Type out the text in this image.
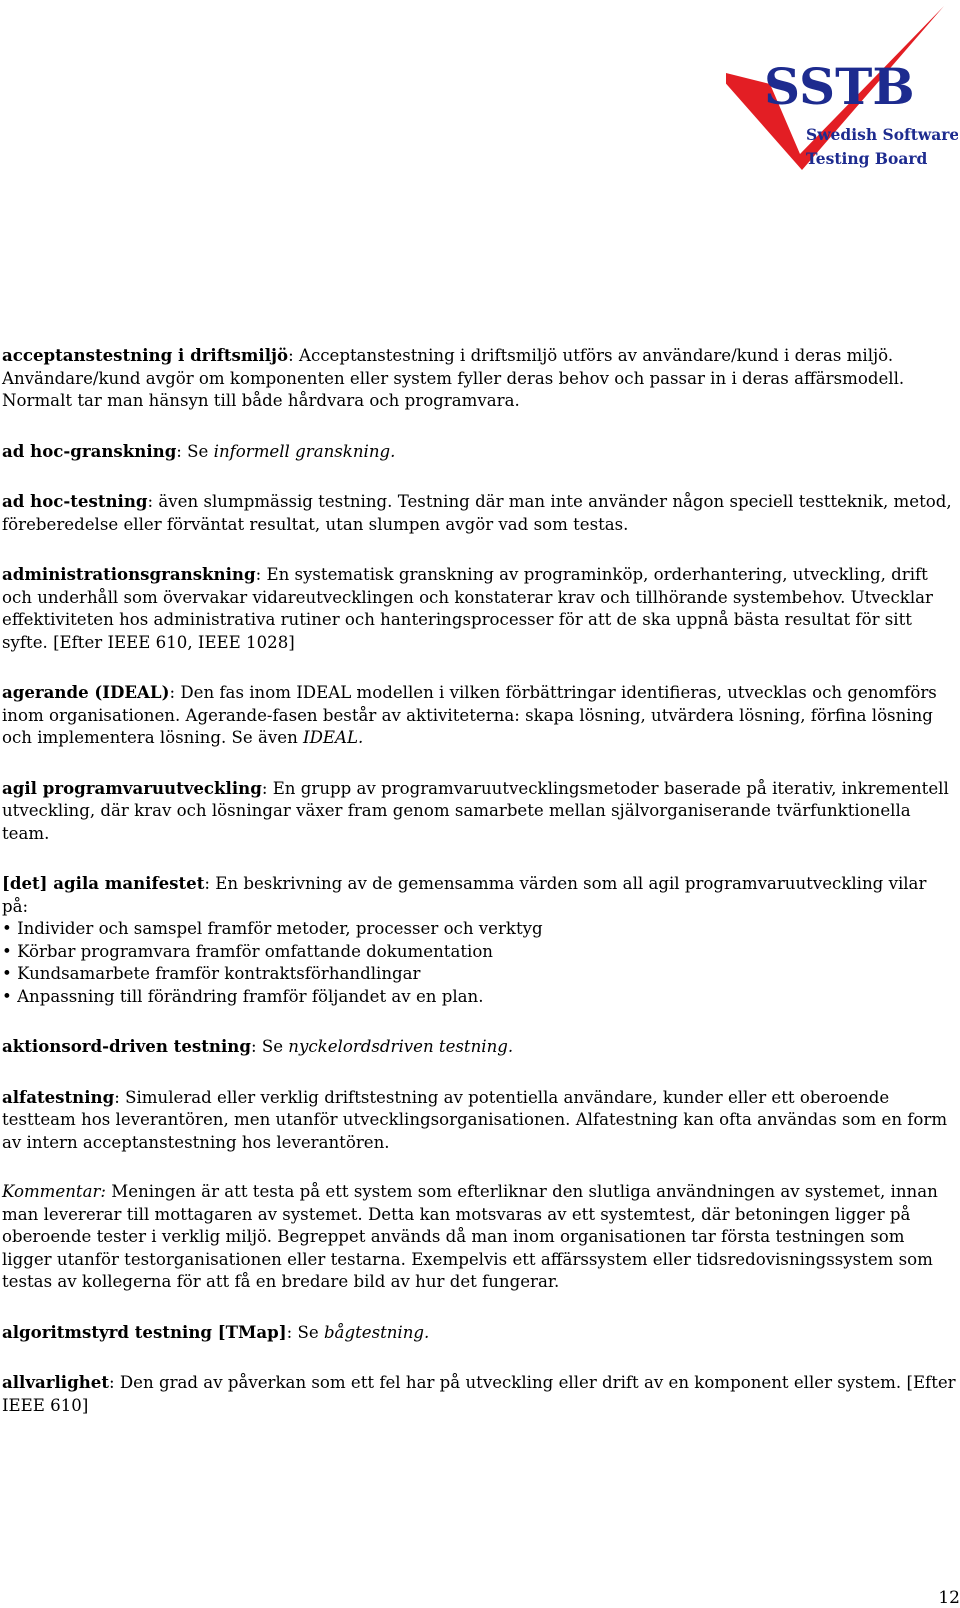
SSTB
Swedish Software
Testing Board
acceptanstestning i driftsmiljö: Acceptanstestning i driftsmiljö utförs av användare/kund i deras miljö. Användare/kund avgör om komponenten eller system fyller deras behov och passar in i deras affärsmodell. Normalt tar man hänsyn till både hårdvara och programvara.
ad hoc-granskning: Se informell granskning.
ad hoc-testning: även slumpmässig testning. Testning där man inte använder någon speciell testteknik, metod, föreberedelse eller förväntat resultat, utan slumpen avgör vad som testas.
administrationsgranskning: En systematisk granskning av programinköp, orderhantering, utveckling, drift och underhåll som övervakar vidareutvecklingen och konstaterar krav och tillhörande systembehov. Utvecklar effektiviteten hos administrativa rutiner och hanteringsprocesser för att de ska uppnå bästa resultat för sitt syfte. [Efter IEEE 610, IEEE 1028]
agerande (IDEAL): Den fas inom IDEAL modellen i vilken förbättringar identifieras, utvecklas och genomförs inom organisationen. Agerande-fasen består av aktiviteterna: skapa lösning, utvärdera lösning, förfina lösning och implementera lösning. Se även IDEAL.
agil programvaruutveckling: En grupp av programvaruutvecklingsmetoder baserade på iterativ, inkrementell utveckling, där krav och lösningar växer fram genom samarbete mellan självorganiserande tvärfunktionella team.
[det] agila manifestet: En beskrivning av de gemensamma värden som all agil programvaruutveckling vilar på:
• Individer och samspel framför metoder, processer och verktyg
• Körbar programvara framför omfattande dokumentation
• Kundsamarbete framför kontraktsförhandlingar
• Anpassning till förändring framför följandet av en plan.
aktionsord-driven testning: Se nyckelordsdriven testning.
alfatestning: Simulerad eller verklig driftstestning av potentiella användare, kunder eller ett oberoende testteam hos leverantören, men utanför utvecklingsorganisationen. Alfatestning kan ofta användas som en form av intern acceptanstestning hos leverantören.
Kommentar: Meningen är att testa på ett system som efterliknar den slutliga användningen av systemet, innan man levererar till mottagaren av systemet. Detta kan motsvaras av ett systemtest, där betoningen ligger på oberoende tester i verklig miljö. Begreppet används då man inom organisationen tar första testningen som ligger utanför testorganisationen eller testarna. Exempelvis ett affärssystem eller tidsredovisningssystem som testas av kollegerna för att få en bredare bild av hur det fungerar.
algoritmstyrd testning [TMap]: Se bågtestning.
allvarlighet: Den grad av påverkan som ett fel har på utveckling eller drift av en komponent eller system. [Efter IEEE 610]
12
